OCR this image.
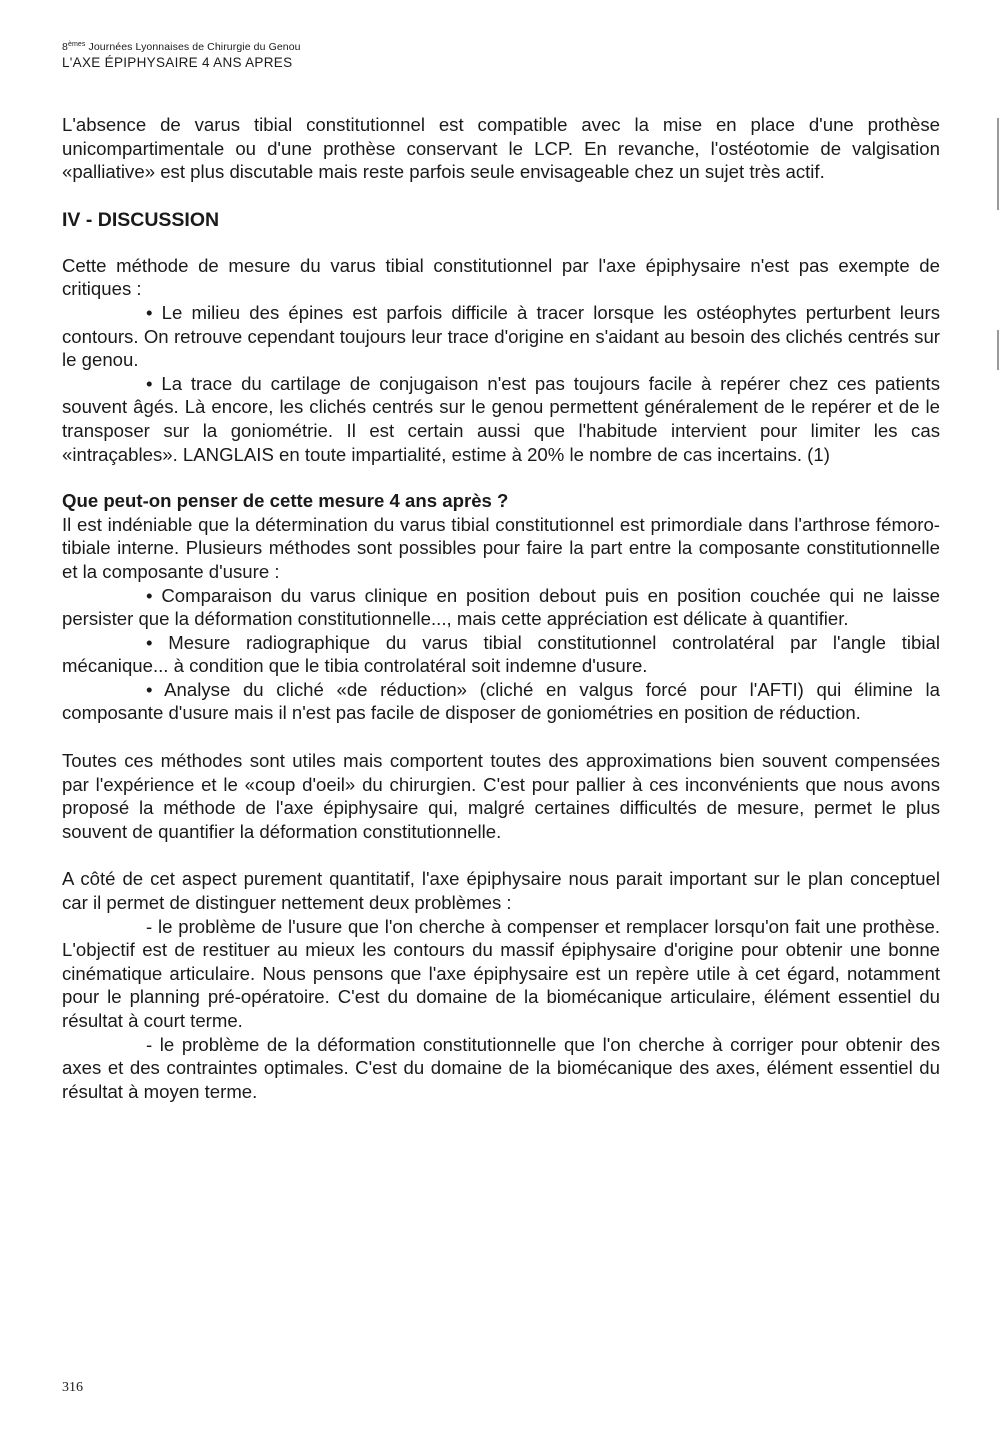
8èmes Journées Lyonnaises de Chirurgie du Genou
L'AXE ÉPIPHYSAIRE 4 ANS APRES

L'absence de varus tibial constitutionnel est compatible avec la mise en place d'une prothèse unicompartimentale ou d'une prothèse conservant le LCP. En revanche, l'ostéotomie de valgisation «palliative» est plus discutable mais reste parfois seule envisageable chez un sujet très actif.

IV - DISCUSSION

Cette méthode de mesure du varus tibial constitutionnel par l'axe épiphysaire n'est pas exempte de critiques :

• Le milieu des épines est parfois difficile à tracer lorsque les ostéophytes perturbent leurs contours. On retrouve cependant toujours leur trace d'origine en s'aidant au besoin des clichés centrés sur le genou.

• La trace du cartilage de conjugaison n'est pas toujours facile à repérer chez ces patients souvent âgés. Là encore, les clichés centrés sur le genou permettent généralement de le repérer et de le transposer sur la goniométrie. Il est certain aussi que l'habitude intervient pour limiter les cas «intraçables». LANGLAIS en toute impartialité, estime à 20% le nombre de cas incertains. (1)

Que peut-on penser de cette mesure 4 ans après ?

Il est indéniable que la détermination du varus tibial constitutionnel est primordiale dans l'arthrose fémoro-tibiale interne. Plusieurs méthodes sont possibles pour faire la part entre la composante constitutionnelle et la composante d'usure :

• Comparaison du varus clinique en position debout puis en position couchée qui ne laisse persister que la déformation constitutionnelle..., mais cette appréciation est délicate à quantifier.

• Mesure radiographique du varus tibial constitutionnel controlatéral par l'angle tibial mécanique... à condition que le tibia controlatéral soit indemne d'usure.

• Analyse du cliché «de réduction» (cliché en valgus forcé pour l'AFTI) qui élimine la composante d'usure mais il n'est pas facile de disposer de goniométries en position de réduction.

Toutes ces méthodes sont utiles mais comportent toutes des approximations bien souvent compensées par l'expérience et le «coup d'oeil» du chirurgien. C'est pour pallier à ces inconvénients que nous avons proposé la méthode de l'axe épiphysaire qui, malgré certaines difficultés de mesure, permet le plus souvent de quantifier la déformation constitutionnelle.

A côté de cet aspect purement quantitatif, l'axe épiphysaire nous parait important sur le plan conceptuel car il permet de distinguer nettement deux problèmes :

- le problème de l'usure que l'on cherche à compenser et remplacer lorsqu'on fait une prothèse. L'objectif est de restituer au mieux les contours du massif épiphysaire d'origine pour obtenir une bonne cinématique articulaire. Nous pensons que l'axe épiphysaire est un repère utile à cet égard, notamment pour le planning pré-opératoire. C'est du domaine de la biomécanique articulaire, élément essentiel du résultat à court terme.

- le problème de la déformation constitutionnelle que l'on cherche à corriger pour obtenir des axes et des contraintes optimales. C'est du domaine de la biomécanique des axes, élément essentiel du résultat à moyen terme.

316
